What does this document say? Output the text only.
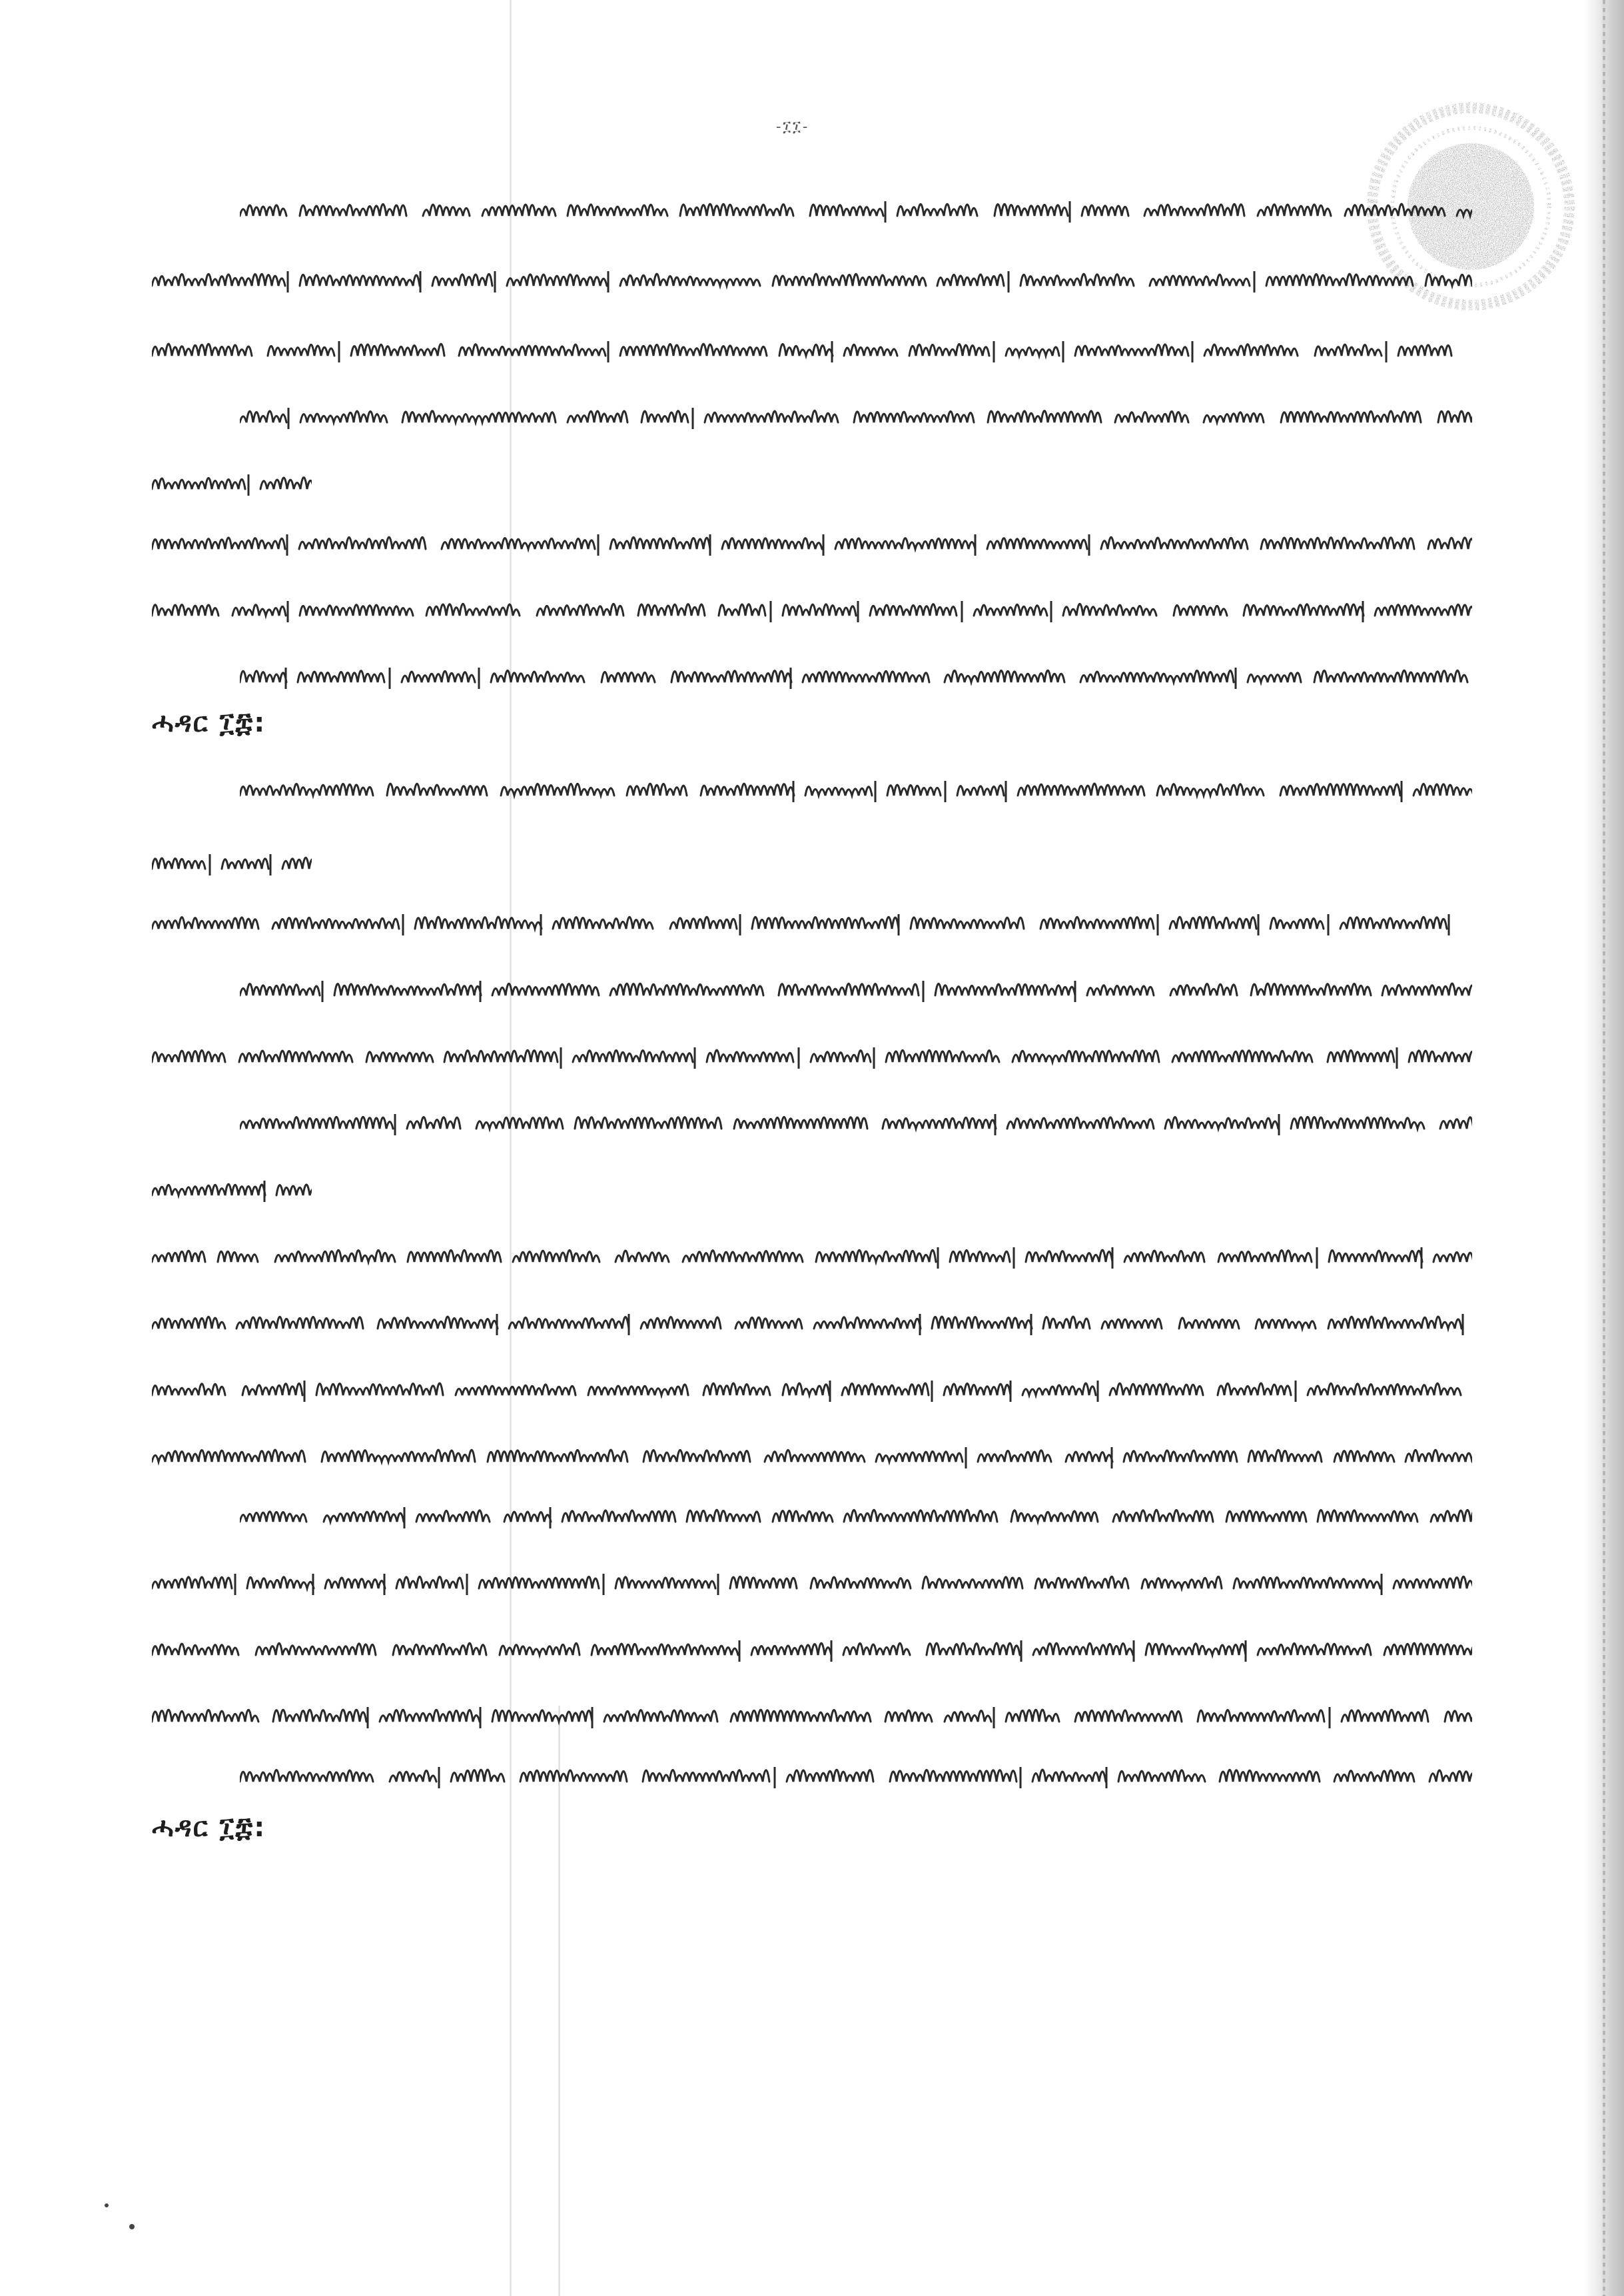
-፲፲-
ሓዳር ፲፰:
ሓዳር ፲፰:
